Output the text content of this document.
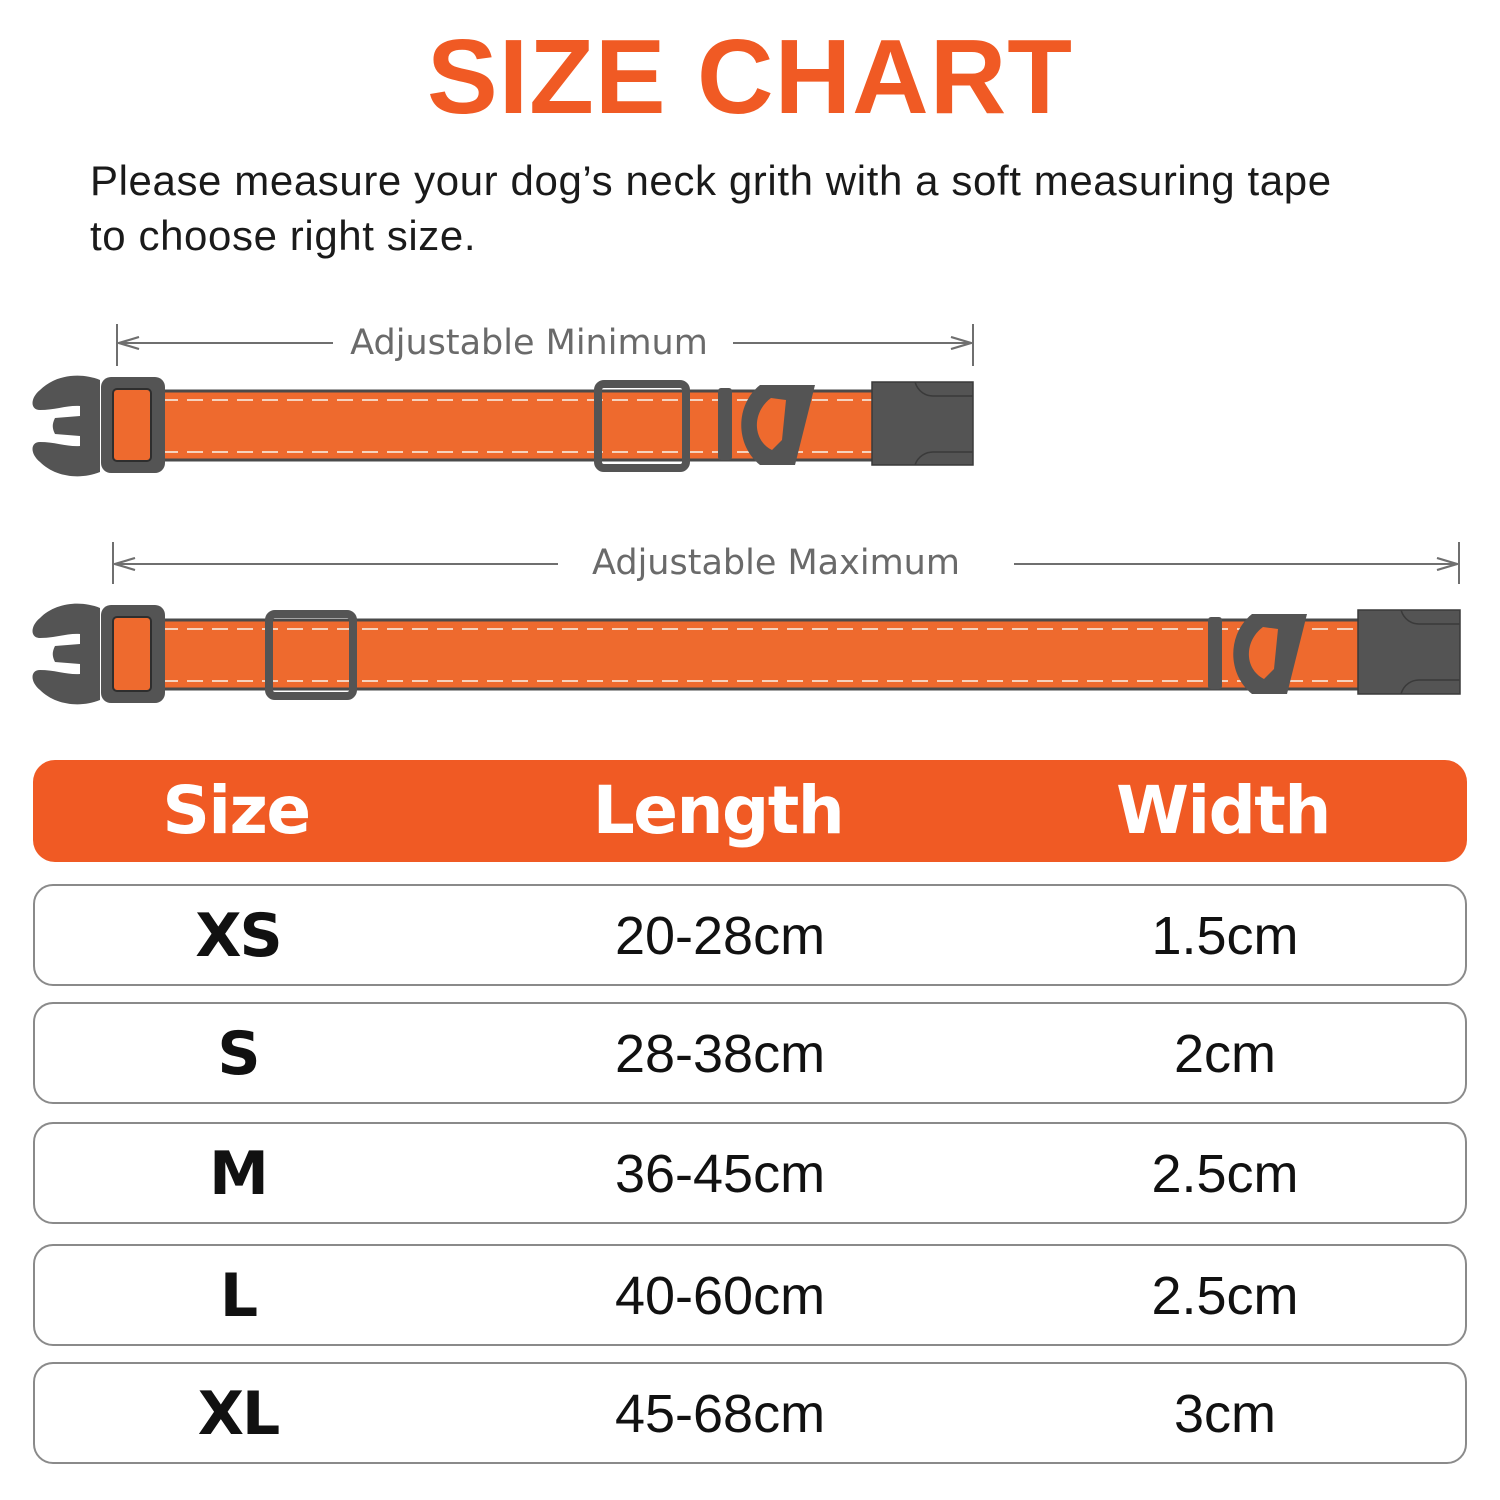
SIZE CHART
Please measure your dog’s neck grith with a soft measuring tape
to choose right size.
Adjustable Minimum
Adjustable Maximum
Size	Length	Width
XS	20-28cm	1.5cm
S	28-38cm	2cm
M	36-45cm	2.5cm
L	40-60cm	2.5cm
XL	45-68cm	3cm
